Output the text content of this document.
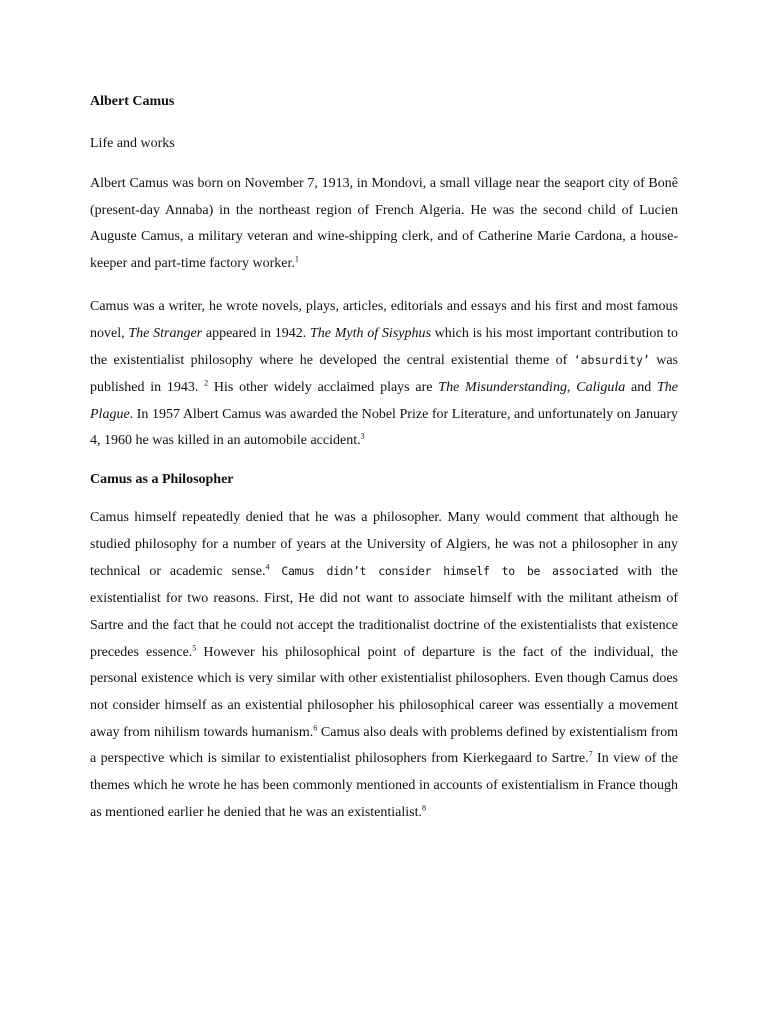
Albert Camus

Life and works

Albert Camus was born on November 7, 1913, in Mondovi, a small village near the seaport city of Bonê (present-day Annaba) in the northeast region of French Algeria. He was the second child of Lucien Auguste Camus, a military veteran and wine-shipping clerk, and of Catherine Marie Cardona, a house-keeper and part-time factory worker.$^1$

Camus was a writer, he wrote novels, plays, articles, editorials and essays and his first and most famous novel, The Stranger appeared in 1942. The Myth of Sisyphus which is his most important contribution to the existentialist philosophy where he developed the central existential theme of ‘absurdity’ was published in 1943. $^2$ His other widely acclaimed plays are The Misunderstanding, Caligula and The Plague. In 1957 Albert Camus was awarded the Nobel Prize for Literature, and unfortunately on January 4, 1960 he was killed in an automobile accident.$^3$

Camus as a Philosopher

Camus himself repeatedly denied that he was a philosopher. Many would comment that although he studied philosophy for a number of years at the University of Algiers, he was not a philosopher in any technical or academic sense.$^4$ Camus didn’t consider himself to be associated with the existentialist for two reasons. First, He did not want to associate himself with the militant atheism of Sartre and the fact that he could not accept the traditionalist doctrine of the existentialists that existence precedes essence.$^5$ However his philosophical point of departure is the fact of the individual, the personal existence which is very similar with other existentialist philosophers. Even though Camus does not consider himself as an existential philosopher his philosophical career was essentially a movement away from nihilism towards humanism.$^6$ Camus also deals with problems defined by existentialism from a perspective which is similar to existentialist philosophers from Kierkegaard to Sartre.$^7$ In view of the themes which he wrote he has been commonly mentioned in accounts of existentialism in France though as mentioned earlier he denied that he was an existentialist.$^8$
